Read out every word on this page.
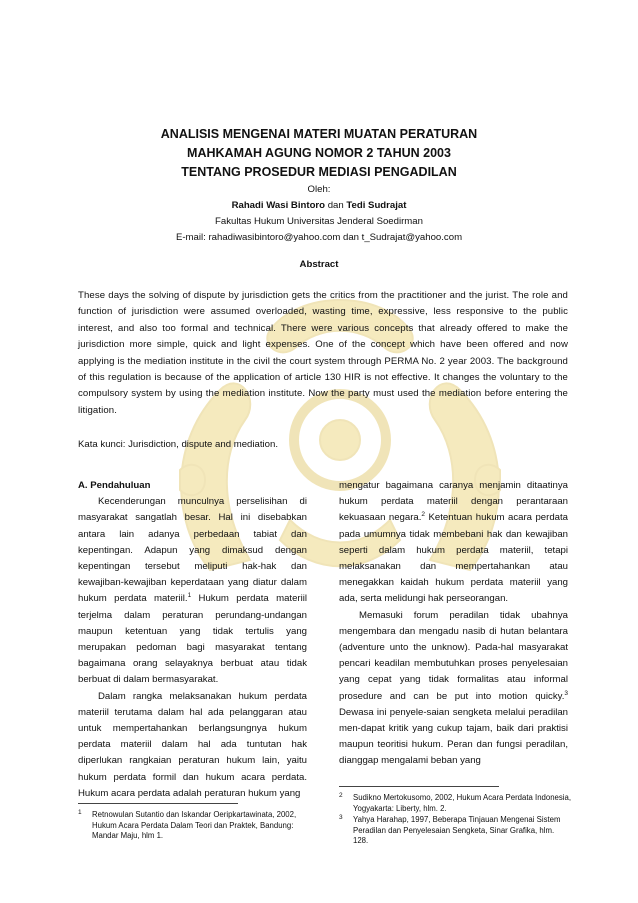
ANALISIS MENGENAI MATERI MUATAN PERATURAN
MAHKAMAH AGUNG NOMOR 2 TAHUN 2003
TENTANG PROSEDUR MEDIASI PENGADILAN
Oleh:
Rahadi Wasi Bintoro dan Tedi Sudrajat
Fakultas Hukum Universitas Jenderal Soedirman
E-mail: rahadiwasibintoro@yahoo.com dan t_Sudrajat@yahoo.com
Abstract
These days the solving of dispute by jurisdiction gets the critics from the practitioner and the jurist. The role and function of jurisdiction were assumed overloaded, wasting time, expressive, less responsive to the public interest, and also too formal and technical. There were various concepts that already offered to make the jurisdiction more simple, quick and light expenses. One of the concept which have been offered and now applying is the mediation institute in the civil the court system through PERMA No. 2 year 2003. The background of this regulation is because of the application of article 130 HIR is not effective. It changes the voluntary to the compulsory system by using the mediation institute. Now the party must used the mediation before entering the litigation.
Kata kunci: Jurisdiction, dispute and mediation.

A. Pendahuluan

Kecenderungan munculnya perselisihan di masyarakat sangatlah besar. Hal ini disebabkan antara lain adanya perbedaan tabiat dan kepentingan. Adapun yang dimaksud dengan kepentingan tersebut meliputi hak-hak dan kewajiban-kewajiban keperdataan yang diatur dalam hukum perdata materiil.$^1$ Hukum perdata materiil terjelma dalam peraturan perundang-undangan maupun ketentuan yang tidak tertulis yang merupakan pedoman bagi masyarakat tentang bagaimana orang selayaknya berbuat atau tidak berbuat di dalam bermasyarakat.

Dalam rangka melaksanakan hukum perdata materiil terutama dalam hal ada pelanggaran atau untuk mempertahankan berlangsungnya hukum perdata materiil dalam hal ada tuntutan hak diperlukan rangkaian peraturan hukum lain, yaitu hukum perdata formil dan hukum acara perdata. Hukum acara perdata adalah peraturan hukum yang

mengatur bagaimana caranya menjamin ditaatinya hukum perdata materiil dengan perantaraan kekuasaan negara.$^2$ Ketentuan hukum acara perdata pada umumnya tidak membebani hak dan kewajiban seperti dalam hukum perdata materiil, tetapi melaksanakan dan mempertahankan atau menegakkan kaidah hukum perdata materiil yang ada, serta melidungi hak perseorangan.

Memasuki forum peradilan tidak ubahnya mengembara dan mengadu nasib di hutan belantara (adventure unto the unknow). Pada-hal masyarakat pencari keadilan membutuhkan proses penyelesaian yang cepat yang tidak formalitas atau informal prosedure and can be put into motion quicky.$^3$ Dewasa ini penyele-saian sengketa melalui peradilan men-dapat kritik yang cukup tajam, baik dari praktisi maupun teoritisi hukum. Peran dan fungsi peradilan, dianggap mengalami beban yang

1 Retnowulan Sutantio dan Iskandar Oeripkartawinata, 2002, Hukum Acara Perdata Dalam Teori dan Praktek, Bandung: Mandar Maju, hlm 1.
2 Sudikno Mertokusomo, 2002, Hukum Acara Perdata Indonesia, Yogyakarta: Liberty, hlm. 2.
3 Yahya Harahap, 1997, Beberapa Tinjauan Mengenai Sistem Peradilan dan Penyelesaian Sengketa, Sinar Grafika, hlm. 128.
